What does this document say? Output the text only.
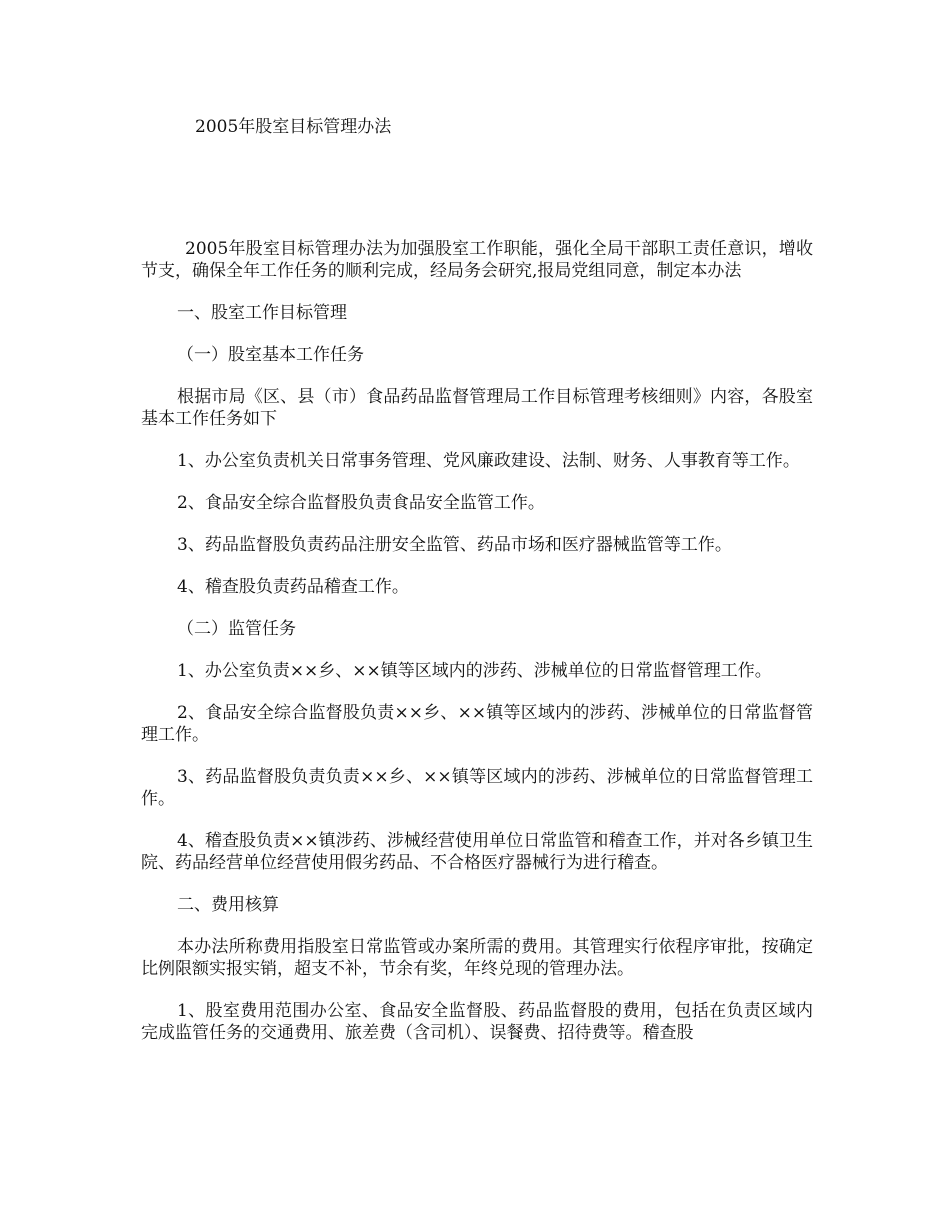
2005年股室目标管理办法

2005年股室目标管理办法为加强股室工作职能，强化全局干部职工责任意识，增收节支，确保全年工作任务的顺利完成，经局务会研究,报局党组同意，制定本办法

一、股室工作目标管理

（一）股室基本工作任务

根据市局《区、县（市）食品药品监督管理局工作目标管理考核细则》内容，各股室基本工作任务如下

1、办公室负责机关日常事务管理、党风廉政建设、法制、财务、人事教育等工作。

2、食品安全综合监督股负责食品安全监管工作。

3、药品监督股负责药品注册安全监管、药品市场和医疗器械监管等工作。

4、稽查股负责药品稽查工作。

（二）监管任务

1、办公室负责××乡、××镇等区域内的涉药、涉械单位的日常监督管理工作。

2、食品安全综合监督股负责××乡、××镇等区域内的涉药、涉械单位的日常监督管理工作。

3、药品监督股负责负责××乡、××镇等区域内的涉药、涉械单位的日常监督管理工作。

4、稽查股负责××镇涉药、涉械经营使用单位日常监管和稽查工作，并对各乡镇卫生院、药品经营单位经营使用假劣药品、不合格医疗器械行为进行稽查。

二、费用核算

本办法所称费用指股室日常监管或办案所需的费用。其管理实行依程序审批，按确定比例限额实报实销，超支不补，节余有奖，年终兑现的管理办法。

1、股室费用范围办公室、食品安全监督股、药品监督股的费用，包括在负责区域内完成监管任务的交通费用、旅差费（含司机）、误餐费、招待费等。稽查股
